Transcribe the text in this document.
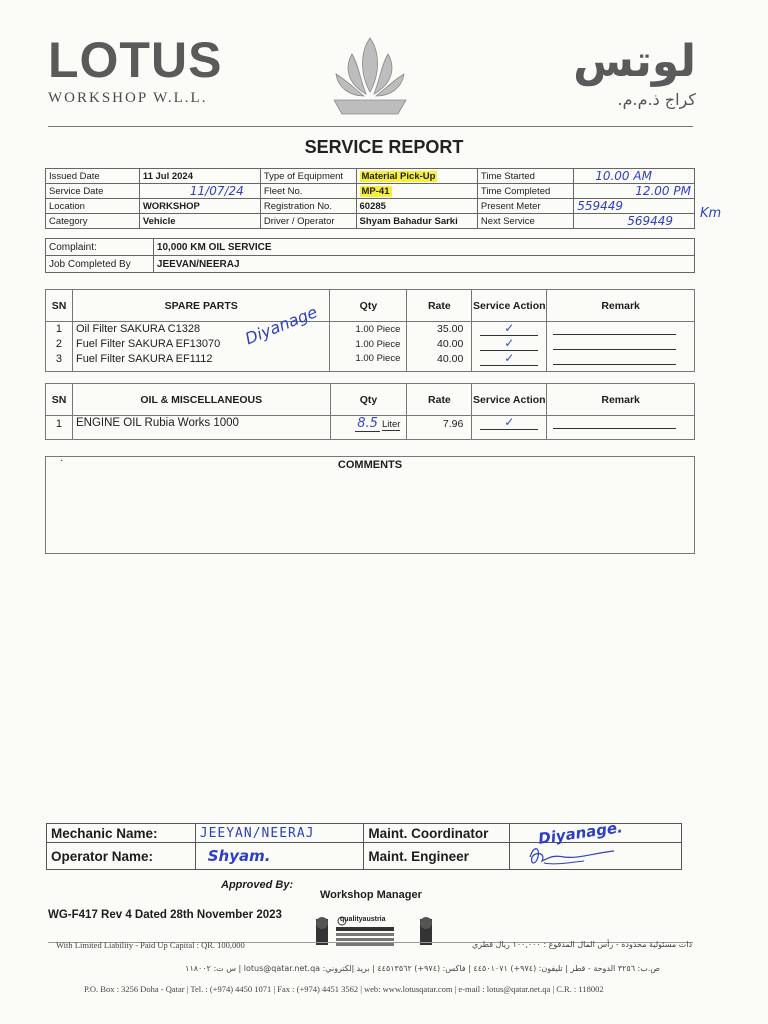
LOTUS
WORKSHOP W.L.L.
لوتس
كراج ذ.م.م.
SERVICE REPORT
Issued Date	11 Jul 2024	Type of Equipment	Material Pick-Up	Time Started	10.00 AM
Service Date	11/07/24	Fleet No.	MP-41	Time Completed	12.00 PM
Location	WORKSHOP	Registration No.	60285	Present Meter	559449
Category	Vehicle	Driver / Operator	Shyam Bahadur Sarki	Next Service	569449 Km
Complaint:	10,000 KM OIL SERVICE
Job Completed By	JEEVAN/NEERAJ
SN	SPARE PARTS	Qty	Rate	Service Action	Remark
1	Oil Filter SAKURA C1328	1.00 Piece	35.00	✓	

2	Fuel Filter SAKURA EF13070	1.00 Piece	40.00	✓	

3	Fuel Filter SAKURA EF1112	1.00 Piece	40.00	✓	

Diyanage
SN	OIL & MISCELLANEOUS	Qty	Rate	Service Action	Remark
1	ENGINE OIL Rubia Works 1000	8.5 Liter	7.96	✓	

COMMENTS
·
Mechanic Name:	JEEYAN/NEERAJ	Maint. Coordinator	Diyanage.
Operator Name:	Shyam.	Maint. Engineer	
Approved By:
Workshop Manager
WG-F417 Rev 4 Dated 28th November 2023	qualityaustria
With Limited Liability - Paid Up Capital : QR. 100,000	ذات مسئولية محدودة - رأس المال المدفوع : ١٠٠,٠٠٠ ريال قطري
ص.ب: ٣٢٥٦ الدوحة - قطر | تليفون: (٩٧٤+) ٤٤٥٠١٠٧١ | فاكس: (٩٧٤+) ٤٤٥١٣٥٦٢ | بريد إلكتروني: lotus@qatar.net.qa | س ت: ١١٨٠٠٢
P.O. Box : 3256 Doha - Qatar | Tel. : (+974) 4450 1071 | Fax : (+974) 4451 3562 | web: www.lotusqatar.com | e-mail : lotus@qatar.net.qa | C.R. : 118002
